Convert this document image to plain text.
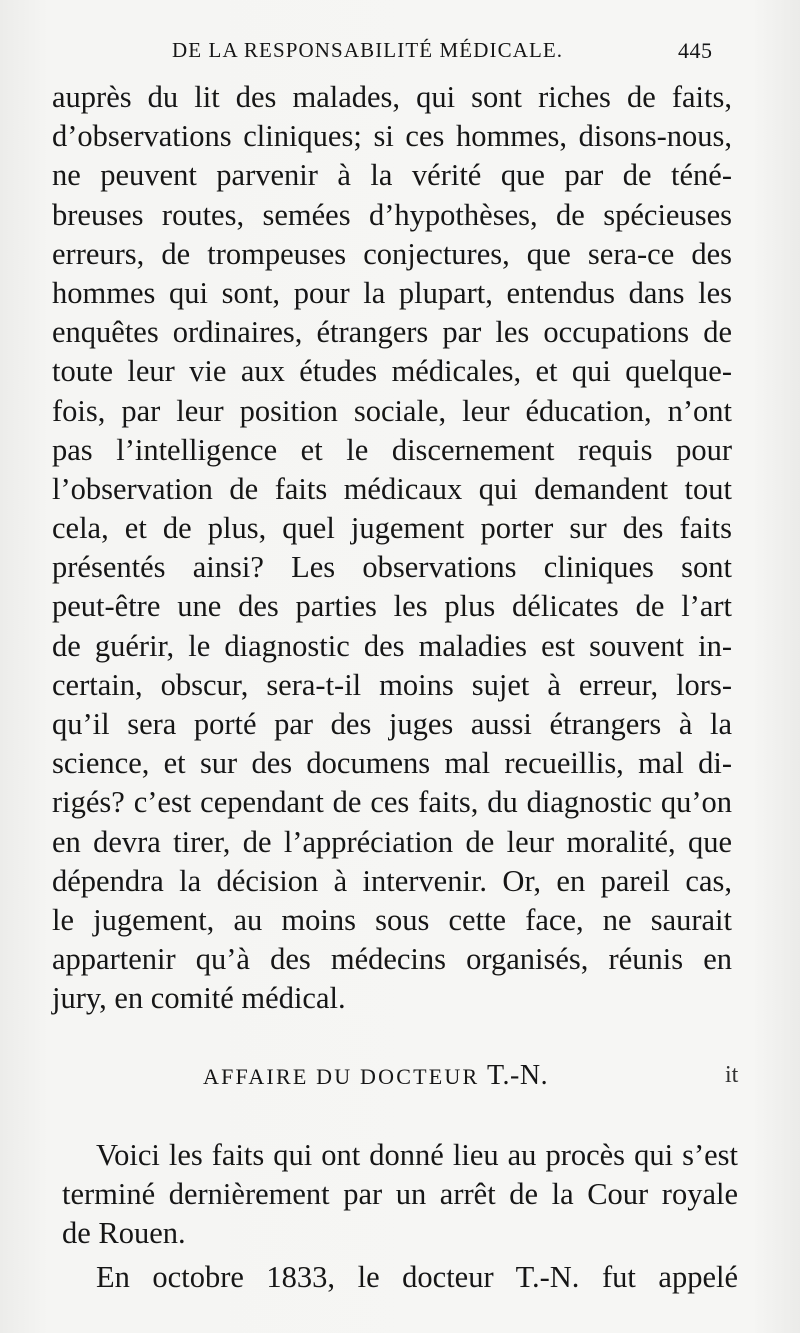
DE LA RESPONSABILITÉ MÉDICALE.	445
auprès du lit des malades, qui sont riches de faits,
d’observations cliniques; si ces hommes, disons-nous,
ne peuvent parvenir à la vérité que par de téné-
breuses routes, semées d’hypothèses, de spécieuses
erreurs, de trompeuses conjectures, que sera-ce des
hommes qui sont, pour la plupart, entendus dans les
enquêtes ordinaires, étrangers par les occupations de
toute leur vie aux études médicales, et qui quelque-
fois, par leur position sociale, leur éducation, n’ont
pas l’intelligence et le discernement requis pour
l’observation de faits médicaux qui demandent tout
cela, et de plus, quel jugement porter sur des faits
présentés ainsi? Les observations cliniques sont
peut-être une des parties les plus délicates de l’art
de guérir, le diagnostic des maladies est souvent in-
certain, obscur, sera-t-il moins sujet à erreur, lors-
qu’il sera porté par des juges aussi étrangers à la
science, et sur des documens mal recueillis, mal di-
rigés? c’est cependant de ces faits, du diagnostic qu’on
en devra tirer, de l’appréciation de leur moralité, que
dépendra la décision à intervenir. Or, en pareil cas,
le jugement, au moins sous cette face, ne saurait
appartenir qu’à des médecins organisés, réunis en
jury, en comité médical.
AFFAIRE DU DOCTEUR T.-N.	it
Voici les faits qui ont donné lieu au procès qui s’est
terminé dernièrement par un arrêt de la Cour royale
de Rouen.
En octobre 1833, le docteur T.-N. fut appelé
